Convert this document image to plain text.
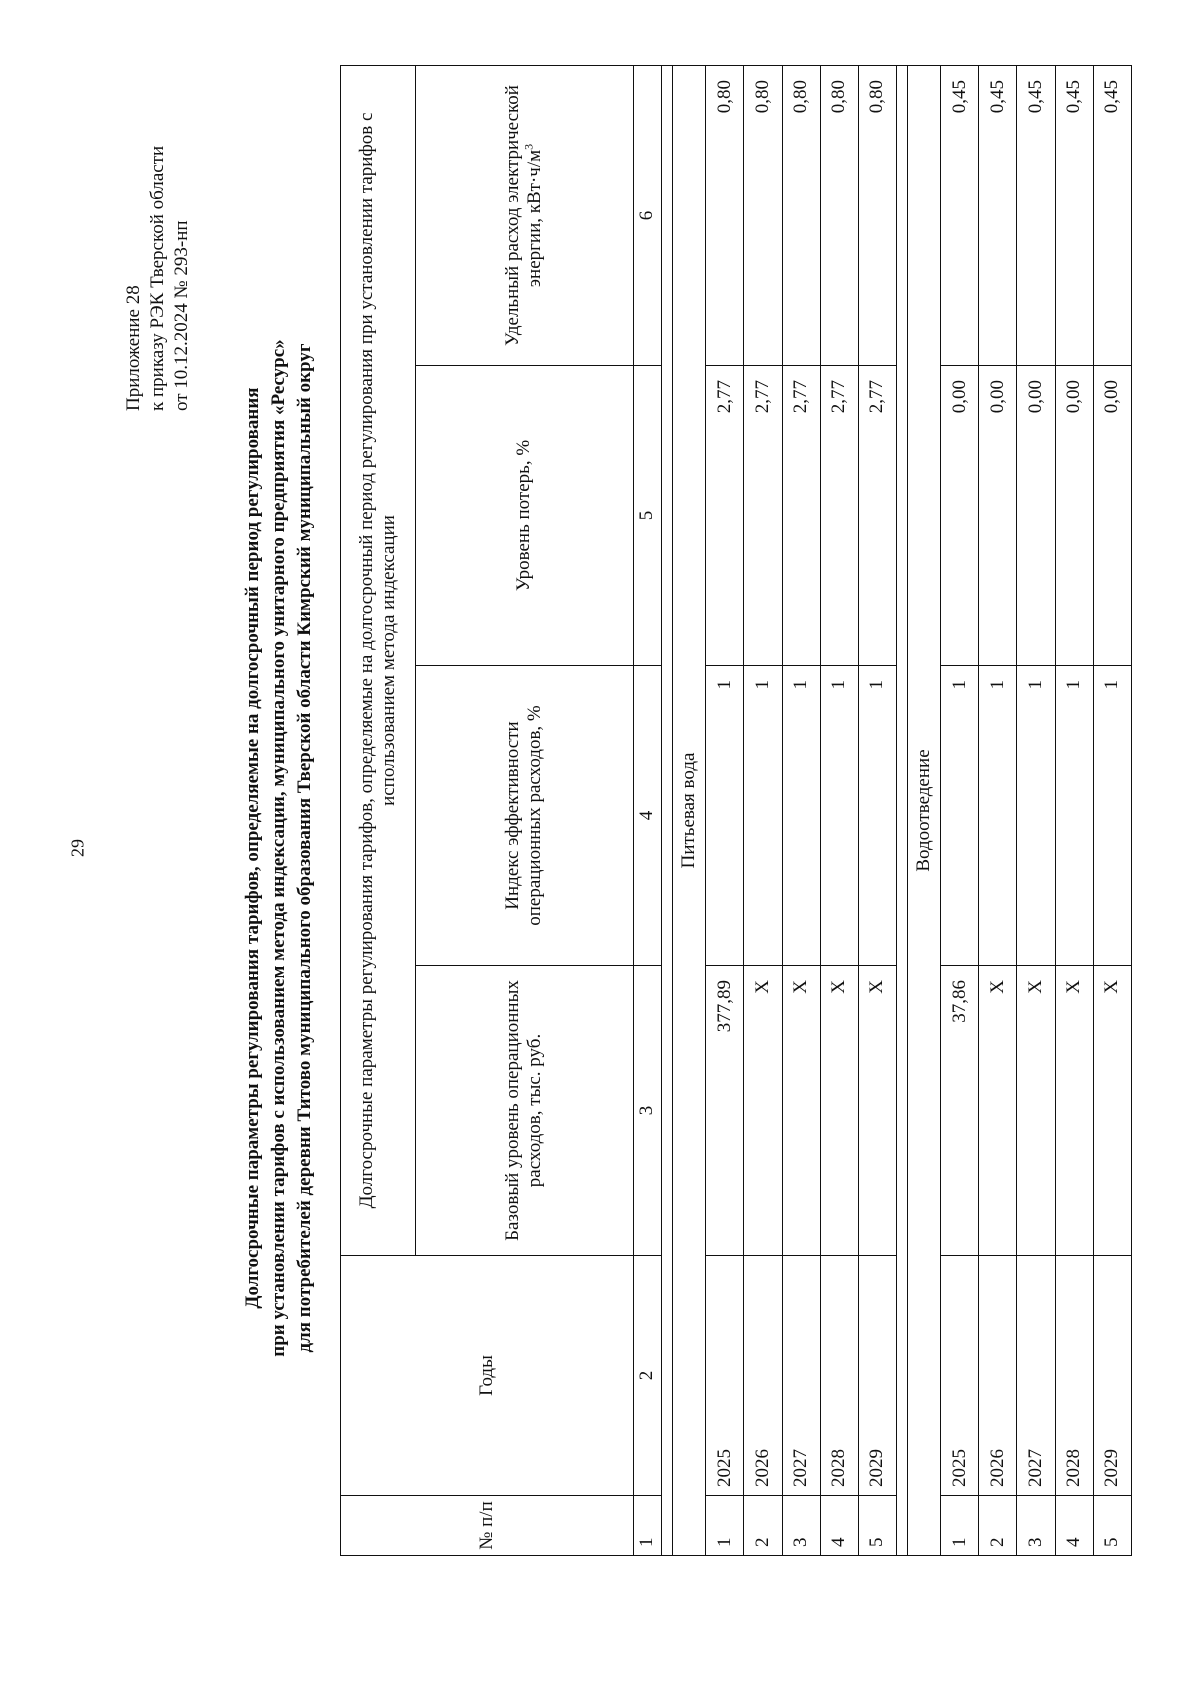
29
Приложение 28 к приказу РЭК Тверской области от 10.12.2024 № 293-нп
Долгосрочные параметры регулирования тарифов, определяемые на долгосрочный период регулирования при установлении тарифов с использованием метода индексации, муниципального унитарного предприятия «Ресурс» для потребителей деревни Титово муниципального образования Тверской области Кимрский муниципальный округ
№ п/п	Годы	Долгосрочные параметры регулирования тарифов, определяемые на долгосрочный период регулирования при установлении тарифов с использованием метода индексации			
		Базовый уровень операционных расходов, тыс. руб.	Индекс эффективности операционных расходов, %	Уровень потерь, %	Удельный расход электрической энергии, $кВт\cdot ч/м^3$
1	2	3	4	5	6

Питьевая вода					
1	2025	377,89	1	2,77	0,80
2	2026	X	1	2,77	0,80
3	2027	X	1	2,77	0,80
4	2028	X	1	2,77	0,80
5	2029	X	1	2,77	0,80

Водоотведение					
1	2025	37,86	1	0,00	0,45
2	2026	X	1	0,00	0,45
3	2027	X	1	0,00	0,45
4	2028	X	1	0,00	0,45
5	2029	X	1	0,00	0,45
